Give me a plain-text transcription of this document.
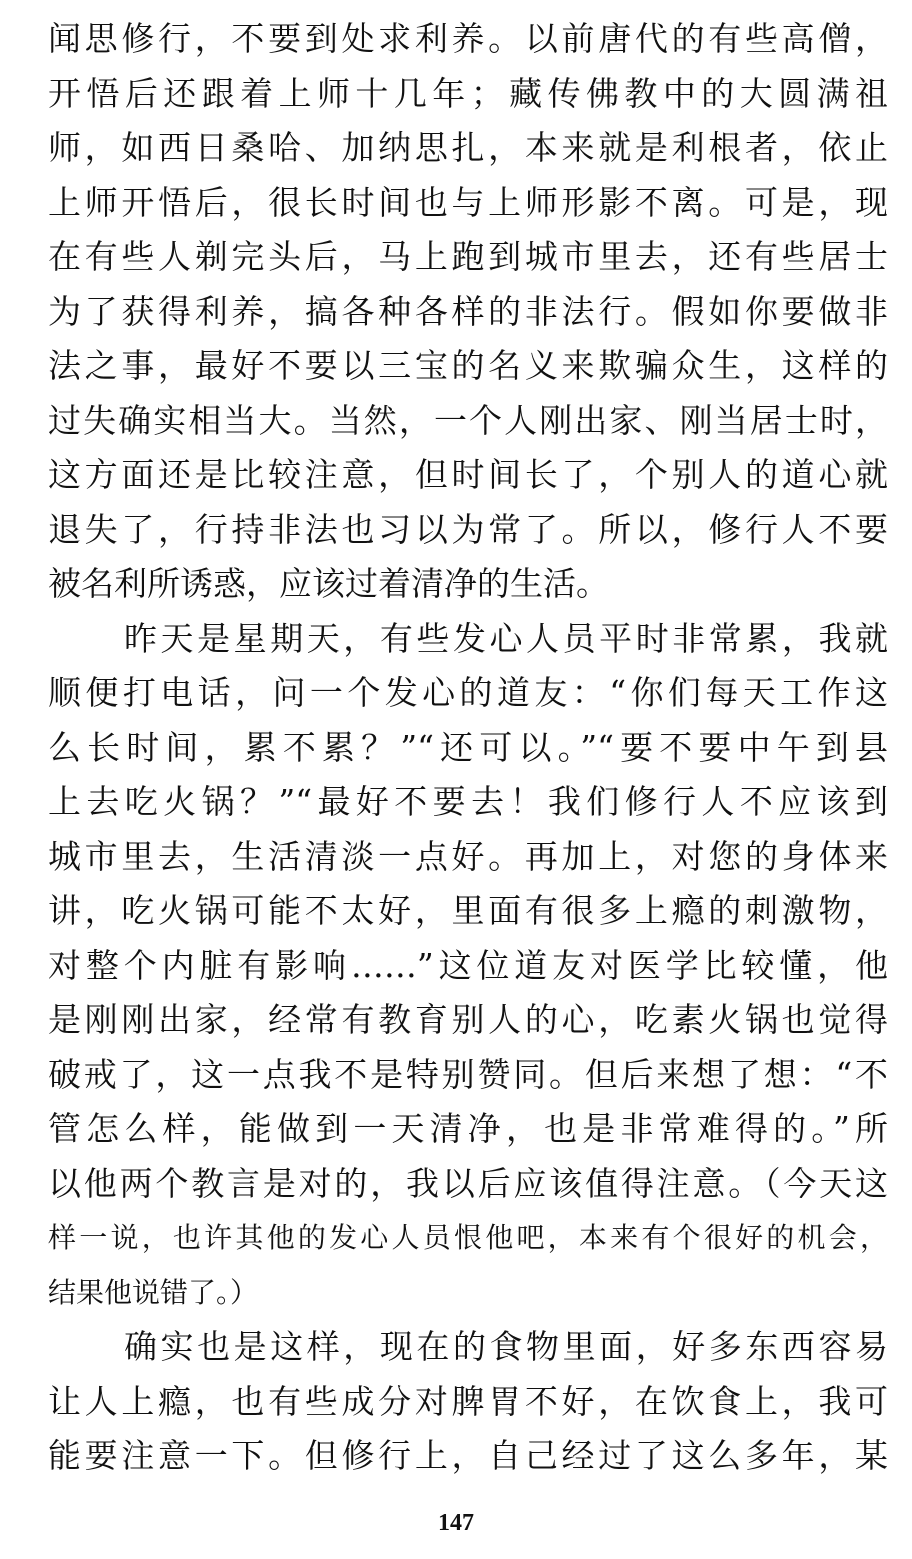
闻思修行，不要到处求利养。以前唐代的有些高僧，
开悟后还跟着上师十几年；藏传佛教中的大圆满祖
师，如西日桑哈、加纳思扎，本来就是利根者，依止
上师开悟后，很长时间也与上师形影不离。可是，现
在有些人剃完头后，马上跑到城市里去，还有些居士
为了获得利养，搞各种各样的非法行。假如你要做非
法之事，最好不要以三宝的名义来欺骗众生，这样的
过失确实相当大。当然，一个人刚出家、刚当居士时，
这方面还是比较注意，但时间长了，个别人的道心就
退失了，行持非法也习以为常了。所以，修行人不要
被名利所诱惑，应该过着清净的生活。
昨天是星期天，有些发心人员平时非常累，我就
顺便打电话，问一个发心的道友：“你们每天工作这
么长时间，累不累？”“还可以。”“要不要中午到县
上去吃火锅？”“最好不要去！我们修行人不应该到
城市里去，生活清淡一点好。再加上，对您的身体来
讲，吃火锅可能不太好，里面有很多上瘾的刺激物，
对整个内脏有影响……”这位道友对医学比较懂，他
是刚刚出家，经常有教育别人的心，吃素火锅也觉得
破戒了，这一点我不是特别赞同。但后来想了想：“不
管怎么样，能做到一天清净，也是非常难得的。”所
以他两个教言是对的，我以后应该值得注意。（今天这
样一说，也许其他的发心人员恨他吧，本来有个很好的机会，
结果他说错了。）
确实也是这样，现在的食物里面，好多东西容易
让人上瘾，也有些成分对脾胃不好，在饮食上，我可
能要注意一下。但修行上，自己经过了这么多年，某
147
